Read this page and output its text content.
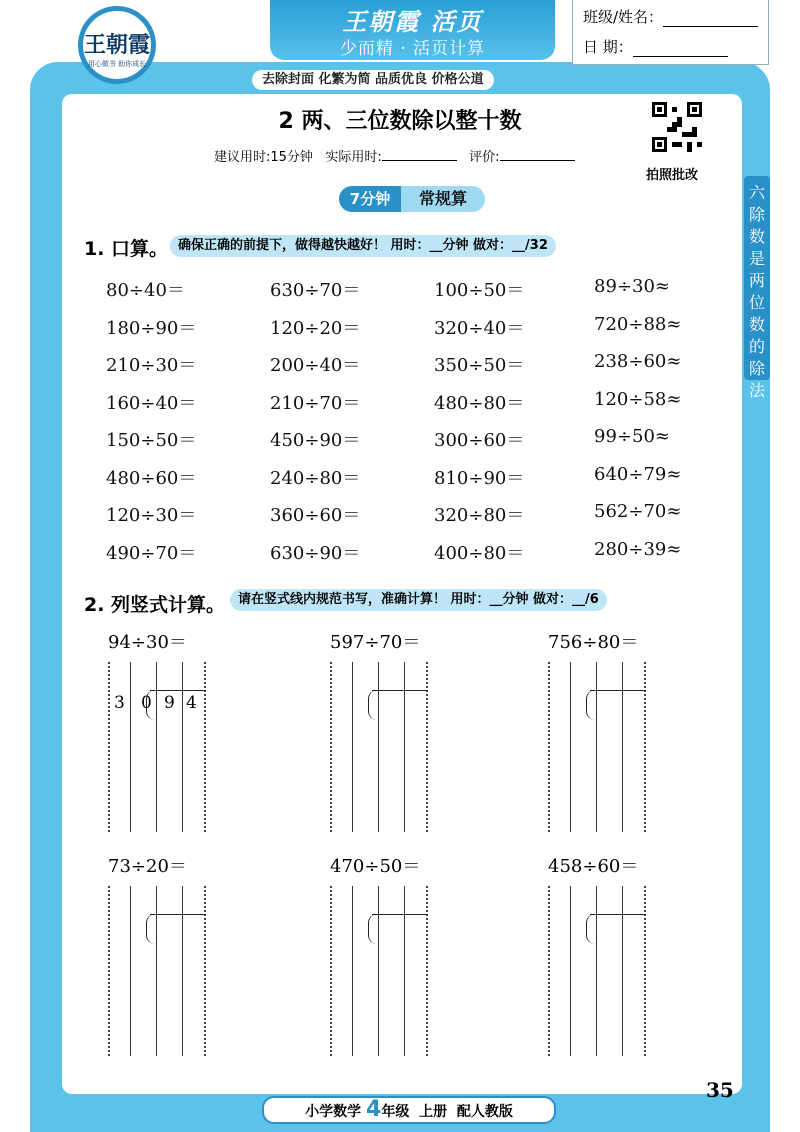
王朝霞 活页
少而精 · 活页计算
王朝霞
用心做书 助你成长
班级/姓名：
日 期：
去除封面 化繁为简 品质优良 价格公道
2 两、三位数除以整十数
建议用时:15分钟 实际用时:	评价:
拍照批改
六 除数是两位数的除法
7分钟	常规算
1. 口算。 确保正确的前提下，做得越快越好！ 用时：__分钟 做对：__/32
80÷40＝	630÷70＝	100÷50＝	89÷30≈
180÷90＝	120÷20＝	320÷40＝	720÷88≈
210÷30＝	200÷40＝	350÷50＝	238÷60≈
160÷40＝	210÷70＝	480÷80＝	120÷58≈
150÷50＝	450÷90＝	300÷60＝	99÷50≈
480÷60＝	240÷80＝	810÷90＝	640÷79≈
120÷30＝	360÷60＝	320÷80＝	562÷70≈
490÷70＝	630÷90＝	400÷80＝	280÷39≈
2. 列竖式计算。 请在竖式线内规范书写，准确计算！ 用时：__分钟 做对：__/6
94÷30＝	597÷70＝	756÷80＝
73÷20＝	470÷50＝	458÷60＝
3 0 9 4
35
小学数学 4年级 上册 配人教版
